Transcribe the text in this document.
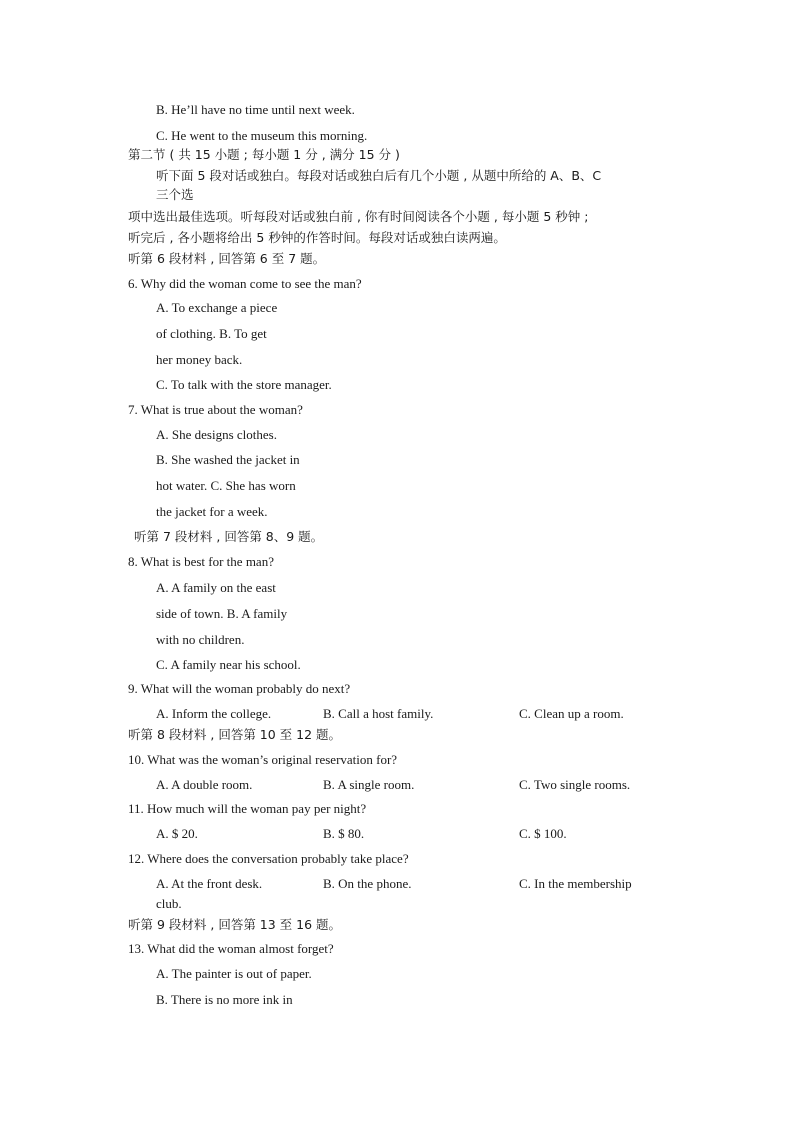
B. He’ll have no time until next week.
C. He went to the museum this morning.
第二节 ( 共 15 小题 ; 每小题 1 分 , 满分 15 分 )
听下面 5 段对话或独白。每段对话或独白后有几个小题 , 从题中所给的 A、B、C
三个选
项中选出最佳选项。听每段对话或独白前 , 你有时间阅读各个小题 , 每小题 5 秒钟 ;
听完后 , 各小题将给出 5 秒钟的作答时间。每段对话或独白读两遍。
听第 6 段材料 , 回答第 6 至 7 题。
6. Why did the woman come to see the man?
A. To exchange a piece
of clothing. B. To get
her money back.
C. To talk with the store manager.
7. What is true about the woman?
A. She designs clothes.
B. She washed the jacket in
hot water. C. She has worn
the jacket for a week.
听第 7 段材料 , 回答第 8、9 题。
8. What is best for the man?
A. A family on the east
side of town. B. A family
with no children.
C. A family near his school.
9. What will the woman probably do next?
A. Inform the college.	B. Call a host family.	C. Clean up a room.
听第 8 段材料 , 回答第 10 至 12 题。
10. What was the woman’s original reservation for?
A. A double room.	B. A single room.	C. Two single rooms.
11. How much will the woman pay per night?
A. $ 20.	B. $ 80.	C. $ 100.
12. Where does the conversation probably take place?
A. At the front desk.	B. On the phone.	C. In the membership
club.
听第 9 段材料 , 回答第 13 至 16 题。
13. What did the woman almost forget?
A. The painter is out of paper.
B. There is no more ink in
